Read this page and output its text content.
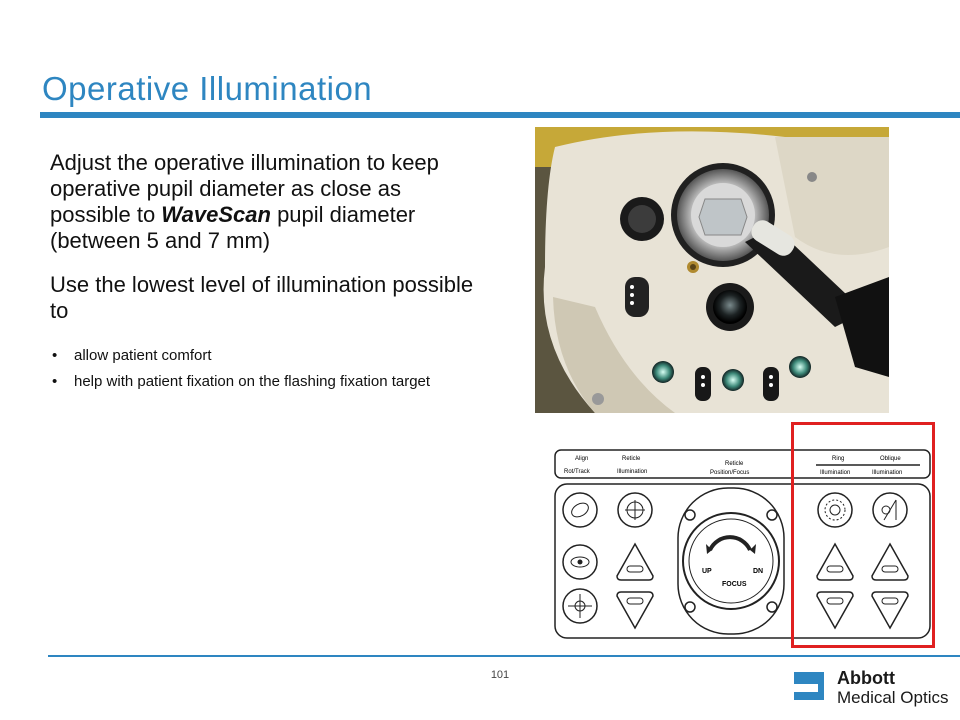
Operative Illumination

Adjust the operative illumination to keep operative pupil diameter as close as possible to WaveScan pupil diameter (between 5 and 7 mm)

Use the lowest level of illumination possible to

• allow patient comfort
• help with patient fixation on the flashing fixation target
Align
Rot/Track
Reticle
Illumination
Reticle
Position/Focus
Ring	Oblique
Illumination	Illumination
UP	DN
FOCUS
101	Abbott
Medical Optics
